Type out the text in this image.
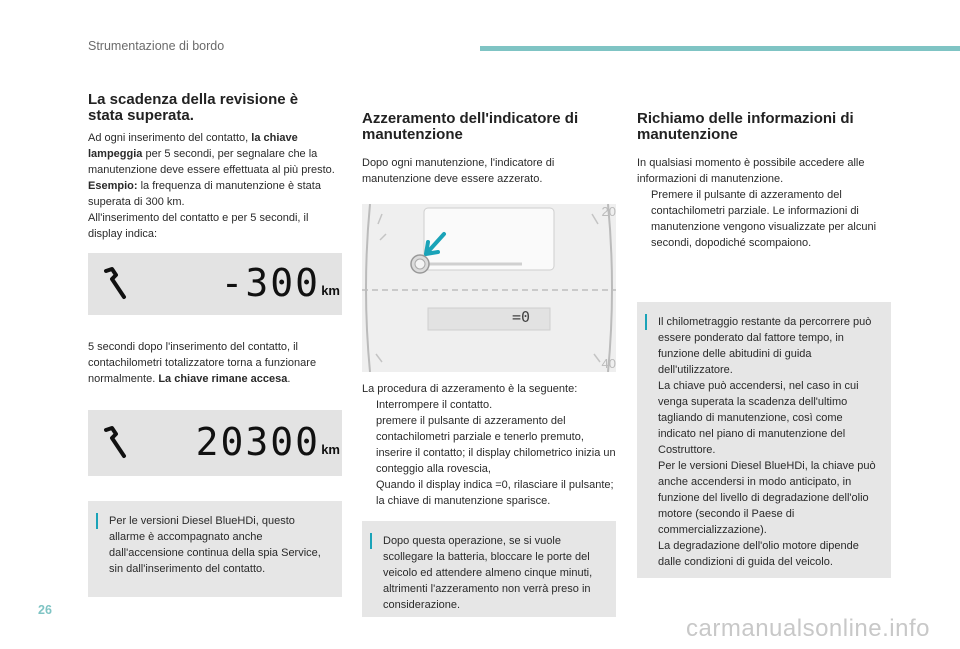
Strumentazione di bordo
La scadenza della revisione è
stata superata.

Ad ogni inserimento del contatto, la chiave lampeggia per 5 secondi, per segnalare che la manutenzione deve essere effettuata al più presto.
Esempio: la frequenza di manutenzione è stata superata di 300 km.
All'inserimento del contatto e per 5 secondi, il display indica:

-300 km

5 secondi dopo l'inserimento del contatto, il contachilometri totalizzatore torna a funzionare normalmente. La chiave rimane accesa.

20300 km

Per le versioni Diesel BlueHDi, questo allarme è accompagnato anche dall'accensione continua della spia Service, sin dall'inserimento del contatto.

Azzeramento dell'indicatore di
manutenzione

Dopo ogni manutenzione, l'indicatore di manutenzione deve essere azzerato.

=0
20
40

La procedura di azzeramento è la seguente:

Interrompere il contatto.
premere il pulsante di azzeramento del contachilometri parziale e tenerlo premuto,
inserire il contatto; il display chilometrico inizia un conteggio alla rovescia,
Quando il display indica =0, rilasciare il pulsante; la chiave di manutenzione sparisce.

Dopo questa operazione, se si vuole scollegare la batteria, bloccare le porte del veicolo ed attendere almeno cinque minuti, altrimenti l'azzeramento non verrà preso in considerazione.

Richiamo delle informazioni di
manutenzione

In qualsiasi momento è possibile accedere alle informazioni di manutenzione.

Premere il pulsante di azzeramento del contachilometri parziale. Le informazioni di manutenzione vengono visualizzate per alcuni secondi, dopodiché scompaiono.

Il chilometraggio restante da percorrere può essere ponderato dal fattore tempo, in funzione delle abitudini di guida dell'utilizzatore.
La chiave può accendersi, nel caso in cui venga superata la scadenza dell'ultimo tagliando di manutenzione, così come indicato nel piano di manutenzione del Costruttore.
Per le versioni Diesel BlueHDi, la chiave può anche accendersi in modo anticipato, in funzione del livello di degradazione dell'olio motore (secondo il Paese di commercializzazione).
La degradazione dell'olio motore dipende dalle condizioni di guida del veicolo.

26
carmanualsonline.info
